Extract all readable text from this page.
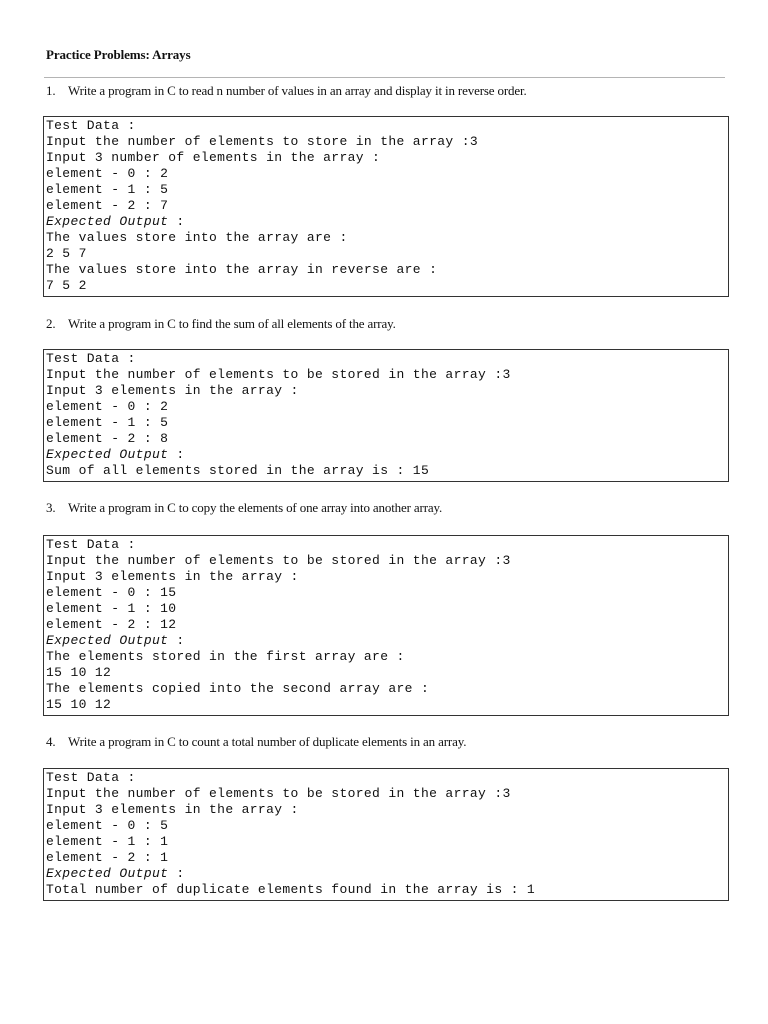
Practice Problems: Arrays
1. Write a program in C to read n number of values in an array and display it in reverse order.
Test Data :
Input the number of elements to store in the array :3
Input 3 number of elements in the array :
element - 0 : 2
element - 1 : 5
element - 2 : 7
Expected Output :
The values store into the array are :
2 5 7
The values store into the array in reverse are :
7 5 2
2. Write a program in C to find the sum of all elements of the array.
Test Data :
Input the number of elements to be stored in the array :3
Input 3 elements in the array :
element - 0 : 2
element - 1 : 5
element - 2 : 8
Expected Output :
Sum of all elements stored in the array is : 15
3. Write a program in C to copy the elements of one array into another array.
Test Data :
Input the number of elements to be stored in the array :3
Input 3 elements in the array :
element - 0 : 15
element - 1 : 10
element - 2 : 12
Expected Output :
The elements stored in the first array are :
15 10 12
The elements copied into the second array are :
15 10 12
4. Write a program in C to count a total number of duplicate elements in an array.
Test Data :
Input the number of elements to be stored in the array :3
Input 3 elements in the array :
element - 0 : 5
element - 1 : 1
element - 2 : 1
Expected Output :
Total number of duplicate elements found in the array is : 1
